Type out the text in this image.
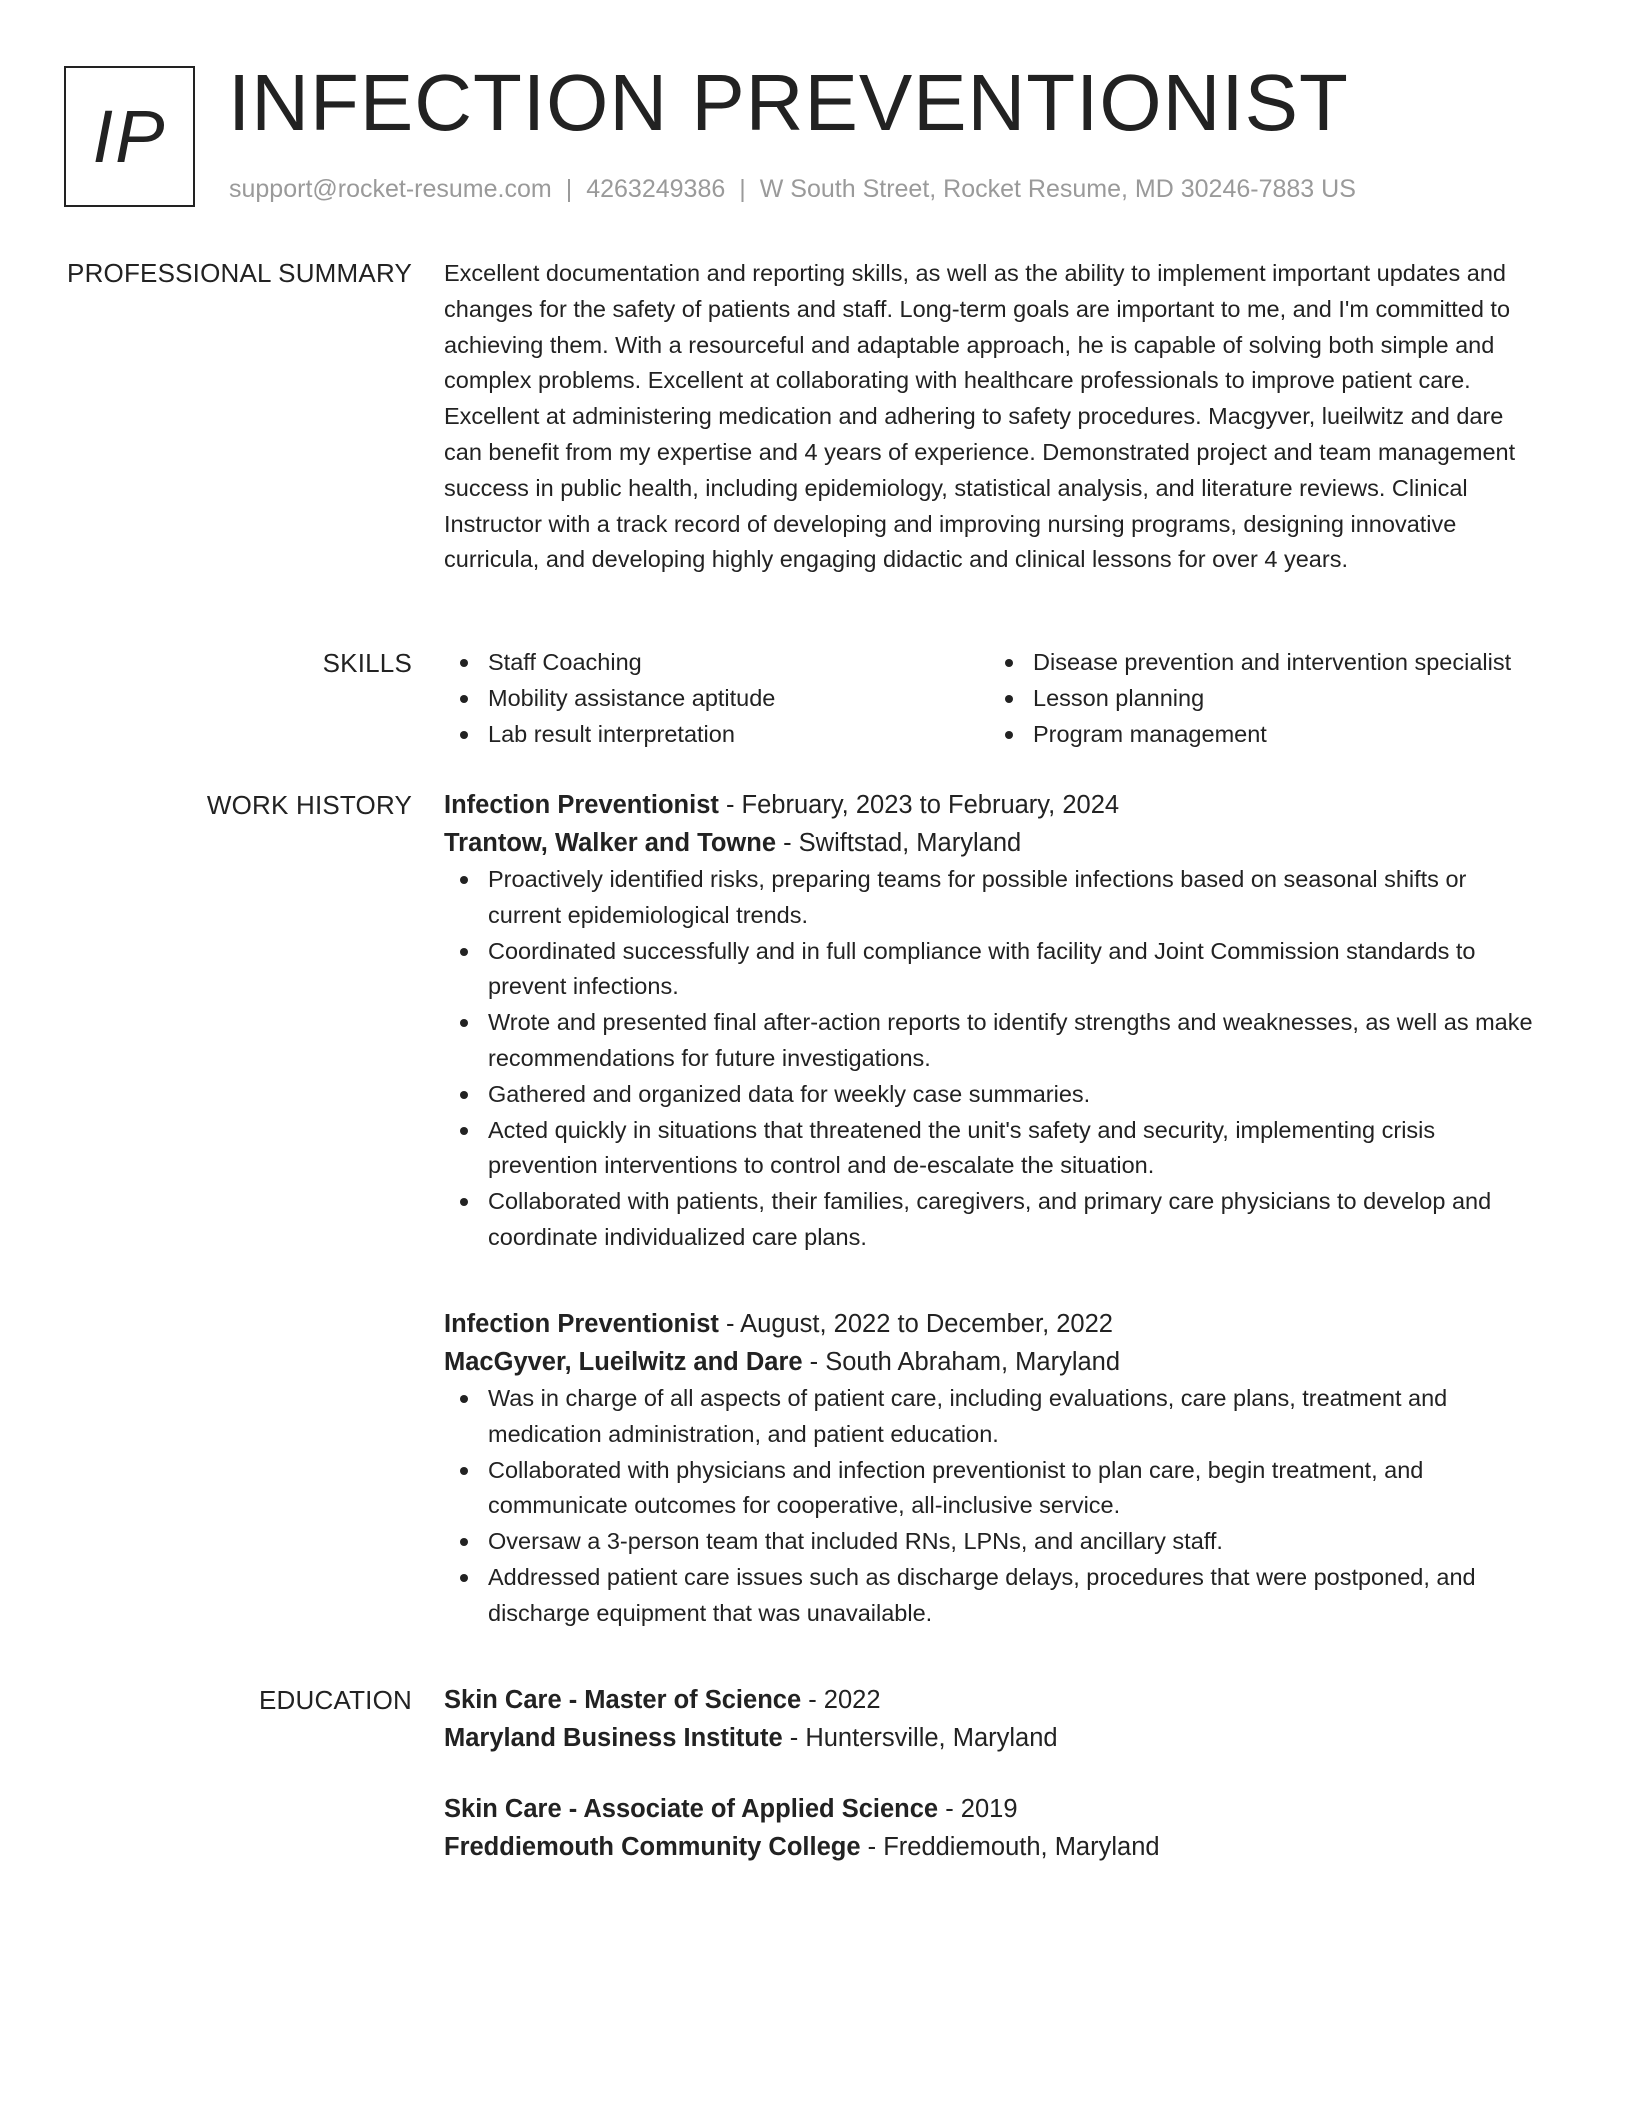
IP INFECTION PREVENTIONIST
support@rocket-resume.com | 4263249386 | W South Street, Rocket Resume, MD 30246-7883 US
PROFESSIONAL SUMMARY Excellent documentation and reporting skills, as well as the ability to implement important updates and changes for the safety of patients and staff. Long-term goals are important to me, and I'm committed to achieving them. With a resourceful and adaptable approach, he is capable of solving both simple and complex problems. Excellent at collaborating with healthcare professionals to improve patient care. Excellent at administering medication and adhering to safety procedures. Macgyver, lueilwitz and dare can benefit from my expertise and 4 years of experience. Demonstrated project and team management success in public health, including epidemiology, statistical analysis, and literature reviews. Clinical Instructor with a track record of developing and improving nursing programs, designing innovative curricula, and developing highly engaging didactic and clinical lessons for over 4 years.

SKILLS	Staff Coaching
Mobility assistance aptitude
Lab result interpretation
Disease prevention and intervention specialist
Lesson planning
Program management
WORK HISTORY Infection Preventionist - February, 2023 to February, 2024
Trantow, Walker and Towne - Swiftstad, Maryland
Proactively identified risks, preparing teams for possible infections based on seasonal shifts or current epidemiological trends.
Coordinated successfully and in full compliance with facility and Joint Commission standards to prevent infections.
Wrote and presented final after-action reports to identify strengths and weaknesses, as well as make recommendations for future investigations.
Gathered and organized data for weekly case summaries.
Acted quickly in situations that threatened the unit's safety and security, implementing crisis prevention interventions to control and de-escalate the situation.
Collaborated with patients, their families, caregivers, and primary care physicians to develop and coordinate individualized care plans.
Infection Preventionist - August, 2022 to December, 2022
MacGyver, Lueilwitz and Dare - South Abraham, Maryland
Was in charge of all aspects of patient care, including evaluations, care plans, treatment and medication administration, and patient education.
Collaborated with physicians and infection preventionist to plan care, begin treatment, and communicate outcomes for cooperative, all-inclusive service.
Oversaw a 3-person team that included RNs, LPNs, and ancillary staff.
Addressed patient care issues such as discharge delays, procedures that were postponed, and discharge equipment that was unavailable.
EDUCATION Skin Care - Master of Science - 2022
Maryland Business Institute - Huntersville, Maryland
Skin Care - Associate of Applied Science - 2019
Freddiemouth Community College - Freddiemouth, Maryland
